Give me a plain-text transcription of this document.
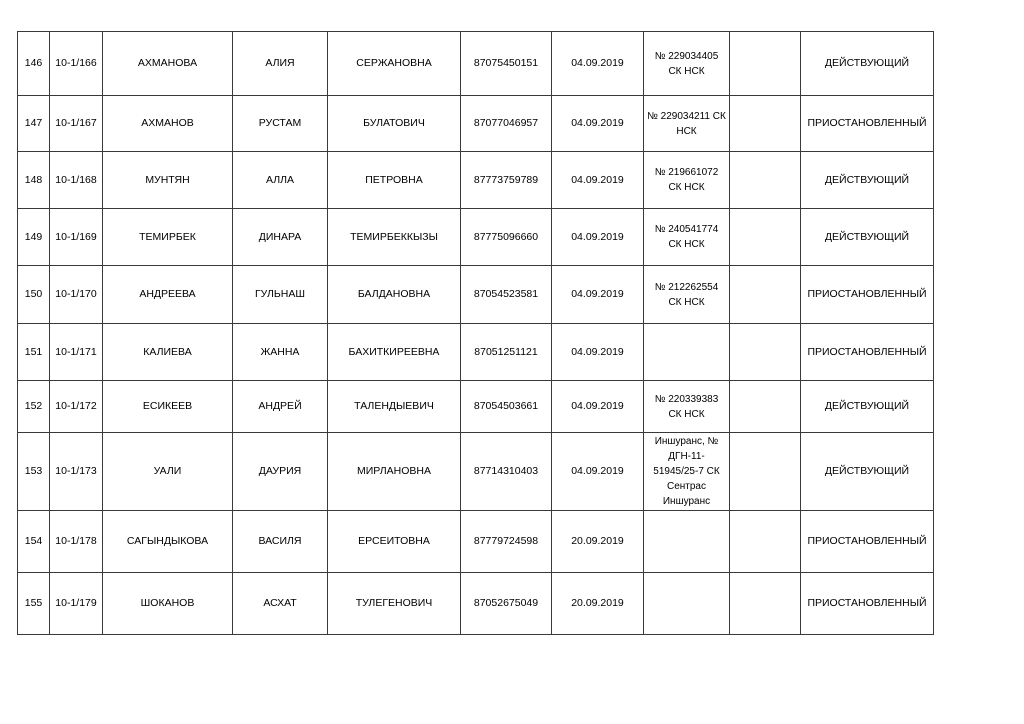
146	10-1/166	АХМАНОВА	АЛИЯ	СЕРЖАНОВНА	87075450151	04.09.2019	№ 229034405 СК НСК		ДЕЙСТВУЮЩИЙ
147	10-1/167	АХМАНОВ	РУСТАМ	БУЛАТОВИЧ	87077046957	04.09.2019	№ 229034211 СК НСК		ПРИОСТАНОВЛЕННЫЙ
148	10-1/168	МУНТЯН	АЛЛА	ПЕТРОВНА	87773759789	04.09.2019	№ 219661072 СК НСК		ДЕЙСТВУЮЩИЙ
149	10-1/169	ТЕМИРБЕК	ДИНАРА	ТЕМИРБЕККЫЗЫ	87775096660	04.09.2019	№ 240541774 СК НСК		ДЕЙСТВУЮЩИЙ
150	10-1/170	АНДРЕЕВА	ГУЛЬНАШ	БАЛДАНОВНА	87054523581	04.09.2019	№ 212262554 СК НСК		ПРИОСТАНОВЛЕННЫЙ
151	10-1/171	КАЛИЕВА	ЖАННА	БАХИТКИРЕЕВНА	87051251121	04.09.2019			ПРИОСТАНОВЛЕННЫЙ
152	10-1/172	ЕСИКЕЕВ	АНДРЕЙ	ТАЛЕНДЫЕВИЧ	87054503661	04.09.2019	№ 220339383 СК НСК		ДЕЙСТВУЮЩИЙ
153	10-1/173	УАЛИ	ДАУРИЯ	МИРЛАНОВНА	87714310403	04.09.2019	Иншуранс, № ДГН-11-51945/25-7 СК Сентрас Иншуранс		ДЕЙСТВУЮЩИЙ
154	10-1/178	САГЫНДЫКОВА	ВАСИЛЯ	ЕРСЕИТОВНА	87779724598	20.09.2019			ПРИОСТАНОВЛЕННЫЙ
155	10-1/179	ШОКАНОВ	АСХАТ	ТУЛЕГЕНОВИЧ	87052675049	20.09.2019			ПРИОСТАНОВЛЕННЫЙ
